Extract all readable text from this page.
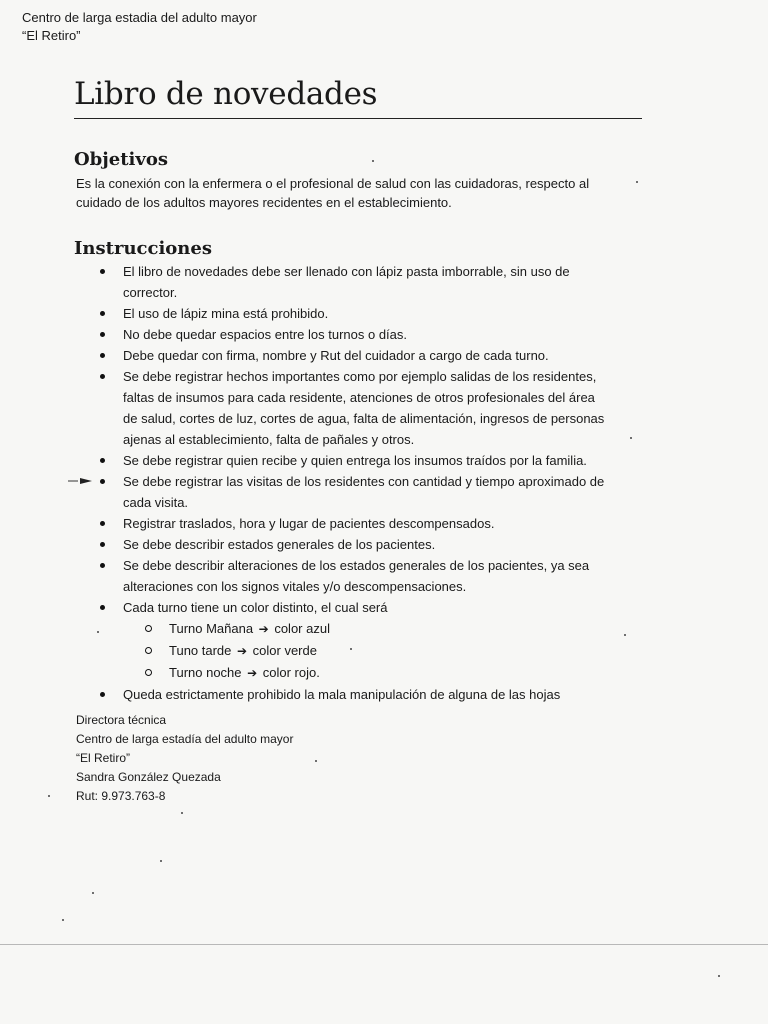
Centro de larga estadia del adulto mayor
“El Retiro”
Libro de novedades
Objetivos
Es la conexión con la enfermera o el profesional de salud con las cuidadoras, respecto al
cuidado de los adultos mayores recidentes en el establecimiento.
Instrucciones
El libro de novedades debe ser llenado con lápiz pasta imborrable, sin uso de
corrector.
El uso de lápiz mina está prohibido.
No debe quedar espacios entre los turnos o días.
Debe quedar con firma, nombre y Rut del cuidador a cargo de cada turno.
Se debe registrar hechos importantes como por ejemplo salidas de los residentes,
faltas de insumos para cada residente, atenciones de otros profesionales del área
de salud, cortes de luz, cortes de agua, falta de alimentación, ingresos de personas
ajenas al establecimiento, falta de pañales y otros.
Se debe registrar quien recibe y quien entrega los insumos traídos por la familia.
Se debe registrar las visitas de los residentes con cantidad y tiempo aproximado de
cada visita.
Registrar traslados, hora y lugar de pacientes descompensados.
Se debe describir estados generales de los pacientes.
Se debe describir alteraciones de los estados generales de los pacientes, ya sea
alteraciones con los signos vitales y/o descompensaciones.
Cada turno tiene un color distinto, el cual será
Turno Mañana ➔ color azul
Tuno tarde ➔ color verde
Turno noche ➔ color rojo.
Queda estrictamente prohibido la mala manipulación de alguna de las hojas
Directora técnica
Centro de larga estadía del adulto mayor
“El Retiro”
Sandra González Quezada
Rut: 9.973.763-8
